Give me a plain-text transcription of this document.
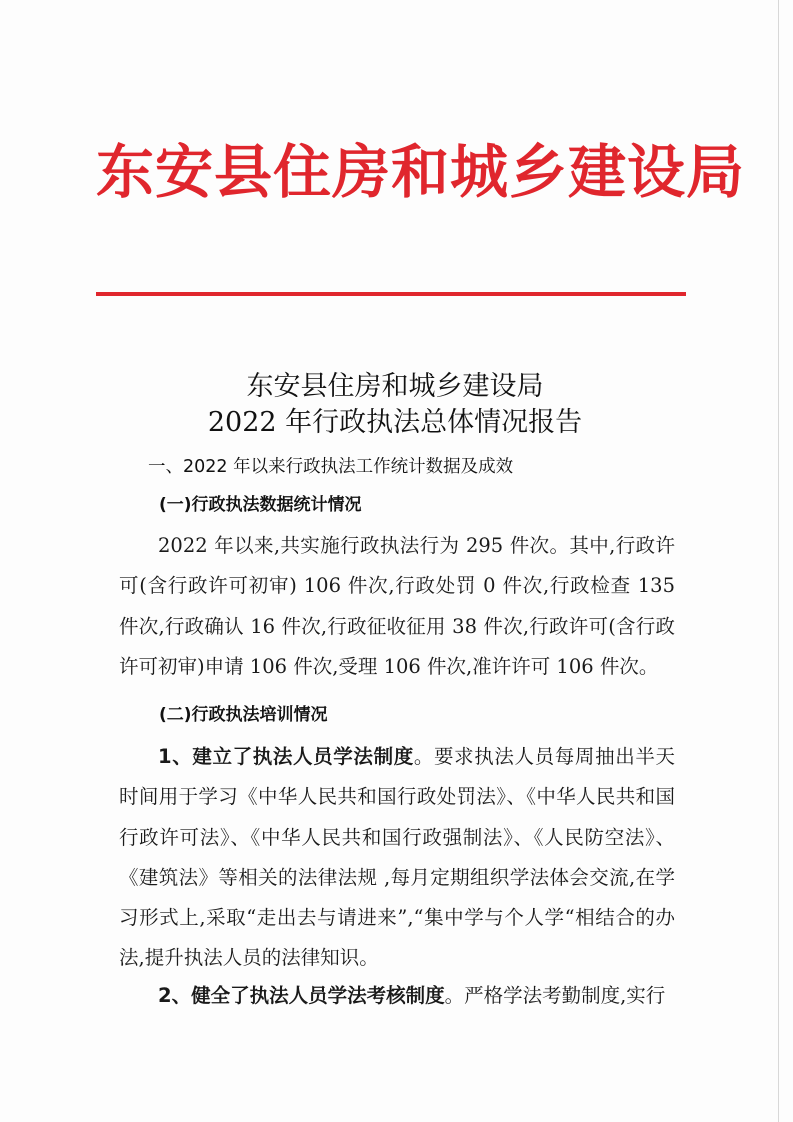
东安县住房和城乡建设局
东安县住房和城乡建设局
2022 年行政执法总体情况报告
一、2022 年以来行政执法工作统计数据及成效
(一)行政执法数据统计情况
2022 年以来,共实施行政执法行为 295 件次。其中,行政许可(含行政许可初审) 106 件次,行政处罚 0 件次,行政检查 135 件次,行政确认 16 件次,行政征收征用 38 件次,行政许可(含行政许可初审)申请 106 件次,受理 106 件次,准许许可 106 件次。
(二)行政执法培训情况
1、建立了执法人员学法制度。要求执法人员每周抽出半天时间用于学习《中华人民共和国行政处罚法》、《中华人民共和国行政许可法》、《中华人民共和国行政强制法》、《人民防空法》、《建筑法》等相关的法律法规 ,每月定期组织学法体会交流,在学习形式上,采取“走出去与请进来”,“集中学与个人学“相结合的办法,提升执法人员的法律知识。
2、健全了执法人员学法考核制度。严格学法考勤制度,实行
